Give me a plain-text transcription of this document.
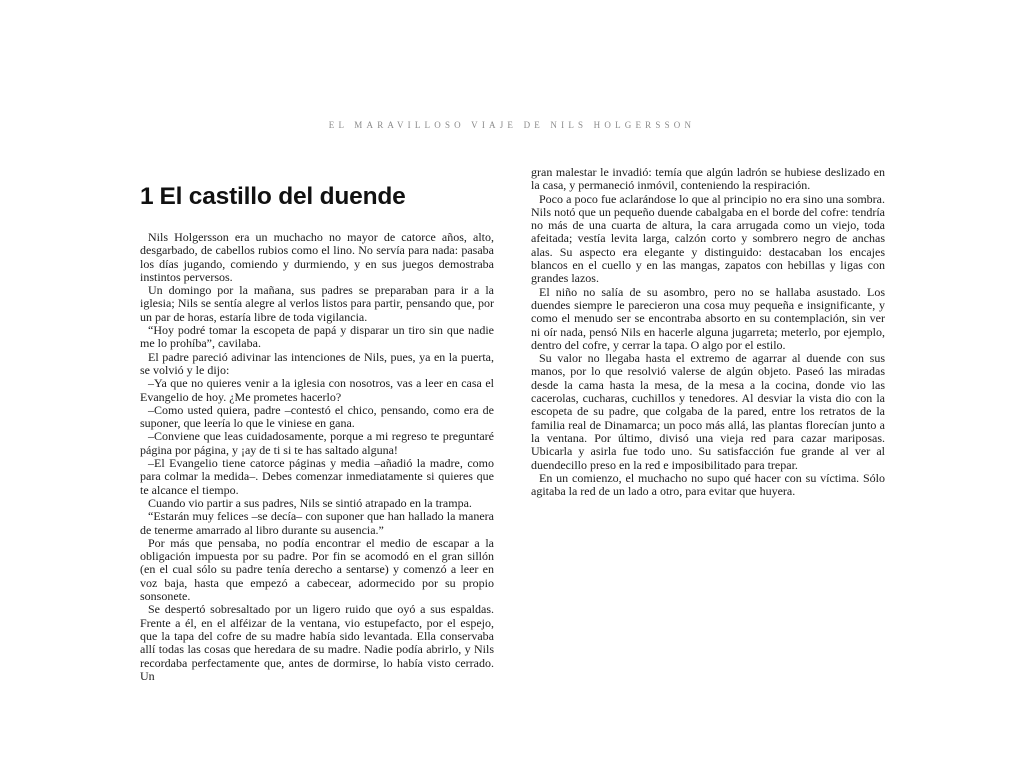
EL MARAVILLOSO VIAJE DE NILS HOLGERSSON
1 El castillo del duende

Nils Holgersson era un muchacho no mayor de catorce años, alto, desgarbado, de cabellos rubios como el lino. No servía para nada: pasaba los días jugando, comiendo y durmiendo, y en sus juegos demostraba instintos perversos.

Un domingo por la mañana, sus padres se preparaban para ir a la iglesia; Nils se sentía alegre al verlos listos para partir, pensando que, por un par de horas, estaría libre de toda vigilancia.

“Hoy podré tomar la escopeta de papá y disparar un tiro sin que nadie me lo prohíba”, cavilaba.

El padre pareció adivinar las intenciones de Nils, pues, ya en la puerta, se volvió y le dijo:

–Ya que no quieres venir a la iglesia con nosotros, vas a leer en casa el Evangelio de hoy. ¿Me prometes hacerlo?

–Como usted quiera, padre –contestó el chico, pensando, como era de suponer, que leería lo que le viniese en gana.

–Conviene que leas cuidadosamente, porque a mi regreso te preguntaré página por página, y ¡ay de ti si te has saltado alguna!

–El Evangelio tiene catorce páginas y media –añadió la madre, como para colmar la medida–. Debes comenzar inmediatamente si quieres que te alcance el tiempo.

Cuando vio partir a sus padres, Nils se sintió atrapado en la trampa.

“Estarán muy felices –se decía– con suponer que han hallado la manera de tenerme amarrado al libro durante su ausencia.”

Por más que pensaba, no podía encontrar el medio de escapar a la obligación impuesta por su padre. Por fin se acomodó en el gran sillón (en el cual sólo su padre tenía derecho a sentarse) y comenzó a leer en voz baja, hasta que empezó a cabecear, adormecido por su propio sonsonete.

Se despertó sobresaltado por un ligero ruido que oyó a sus espaldas. Frente a él, en el alféizar de la ventana, vio estupefacto, por el espejo, que la tapa del cofre de su madre había sido levantada. Ella conservaba allí todas las cosas que heredara de su madre. Nadie podía abrirlo, y Nils recordaba perfectamente que, antes de dormirse, lo había visto cerrado. Un

gran malestar le invadió: temía que algún ladrón se hubiese deslizado en la casa, y permaneció inmóvil, conteniendo la respiración.

Poco a poco fue aclarándose lo que al principio no era sino una sombra. Nils notó que un pequeño duende cabalgaba en el borde del cofre: tendría no más de una cuarta de altura, la cara arrugada como un viejo, toda afeitada; vestía levita larga, calzón corto y sombrero negro de anchas alas. Su aspecto era elegante y distinguido: destacaban los encajes blancos en el cuello y en las mangas, zapatos con hebillas y ligas con grandes lazos.

El niño no salía de su asombro, pero no se hallaba asustado. Los duendes siempre le parecieron una cosa muy pequeña e insignificante, y como el menudo ser se encontraba absorto en su contemplación, sin ver ni oír nada, pensó Nils en hacerle alguna jugarreta; meterlo, por ejemplo, dentro del cofre, y cerrar la tapa. O algo por el estilo.

Su valor no llegaba hasta el extremo de agarrar al duende con sus manos, por lo que resolvió valerse de algún objeto. Paseó las miradas desde la cama hasta la mesa, de la mesa a la cocina, donde vio las cacerolas, cucharas, cuchillos y tenedores. Al desviar la vista dio con la escopeta de su padre, que colgaba de la pared, entre los retratos de la familia real de Dinamarca; un poco más allá, las plantas florecían junto a la ventana. Por último, divisó una vieja red para cazar mariposas. Ubicarla y asirla fue todo uno. Su satisfacción fue grande al ver al duendecillo preso en la red e imposibilitado para trepar.

En un comienzo, el muchacho no supo qué hacer con su víctima. Sólo agitaba la red de un lado a otro, para evitar que huyera.
